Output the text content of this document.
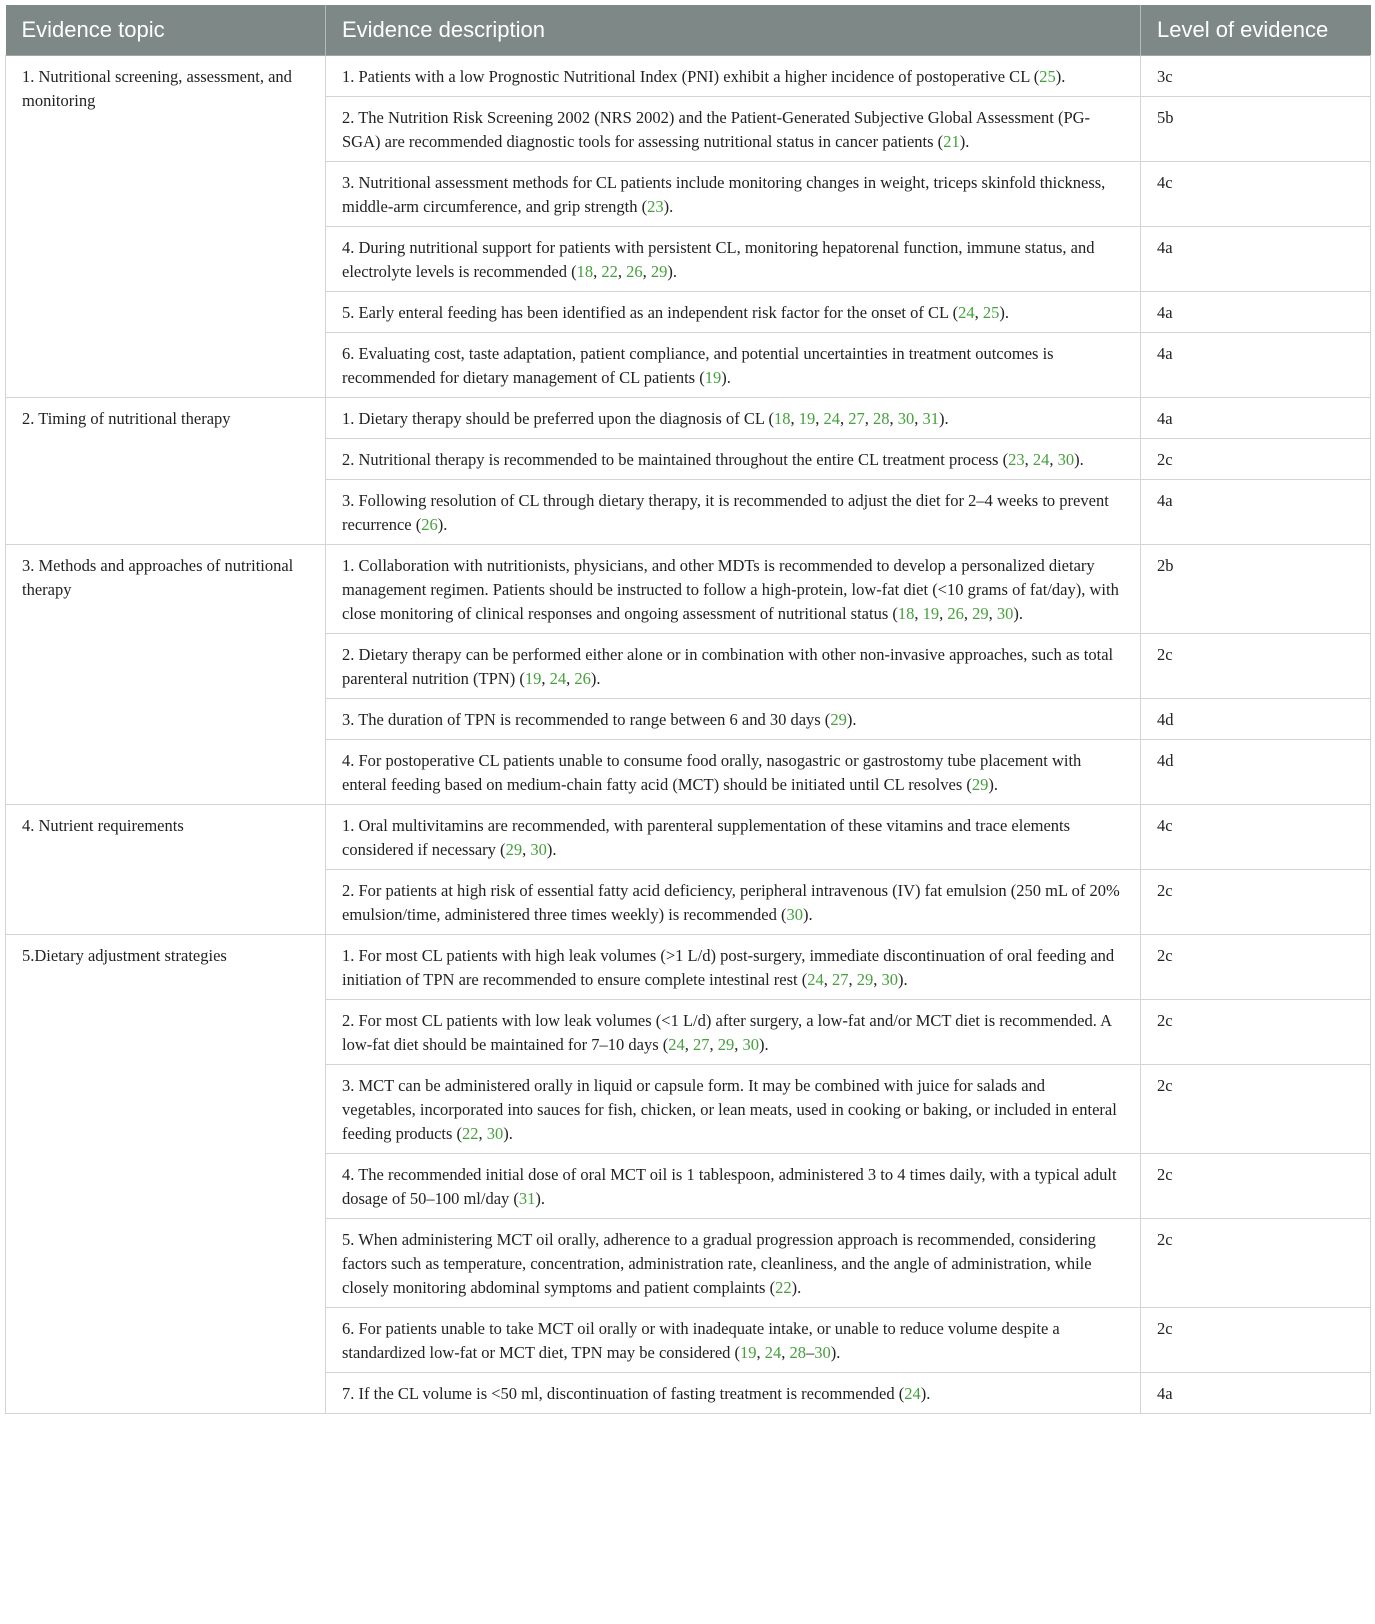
Evidence topic	Evidence description	Level of evidence
1. Nutritional screening, assessment, and monitoring	1. Patients with a low Prognostic Nutritional Index (PNI) exhibit a higher incidence of postoperative CL (25).	3c
	2. The Nutrition Risk Screening 2002 (NRS 2002) and the Patient-Generated Subjective Global Assessment (PG-SGA) are recommended diagnostic tools for assessing nutritional status in cancer patients (21).	5b
	3. Nutritional assessment methods for CL patients include monitoring changes in weight, triceps skinfold thickness, middle-arm circumference, and grip strength (23).	4c
	4. During nutritional support for patients with persistent CL, monitoring hepatorenal function, immune status, and electrolyte levels is recommended (18, 22, 26, 29).	4a
	5. Early enteral feeding has been identified as an independent risk factor for the onset of CL (24, 25).	4a
	6. Evaluating cost, taste adaptation, patient compliance, and potential uncertainties in treatment outcomes is recommended for dietary management of CL patients (19).	4a
2. Timing of nutritional therapy	1. Dietary therapy should be preferred upon the diagnosis of CL (18, 19, 24, 27, 28, 30, 31).	4a
	2. Nutritional therapy is recommended to be maintained throughout the entire CL treatment process (23, 24, 30).	2c
	3. Following resolution of CL through dietary therapy, it is recommended to adjust the diet for 2–4 weeks to prevent recurrence (26).	4a
3. Methods and approaches of nutritional therapy	1. Collaboration with nutritionists, physicians, and other MDTs is recommended to develop a personalized dietary management regimen. Patients should be instructed to follow a high-protein, low-fat diet (<10 grams of fat/day), with close monitoring of clinical responses and ongoing assessment of nutritional status (18, 19, 26, 29, 30).	2b
	2. Dietary therapy can be performed either alone or in combination with other non-invasive approaches, such as total parenteral nutrition (TPN) (19, 24, 26).	2c
	3. The duration of TPN is recommended to range between 6 and 30 days (29).	4d
	4. For postoperative CL patients unable to consume food orally, nasogastric or gastrostomy tube placement with enteral feeding based on medium-chain fatty acid (MCT) should be initiated until CL resolves (29).	4d
4. Nutrient requirements	1. Oral multivitamins are recommended, with parenteral supplementation of these vitamins and trace elements considered if necessary (29, 30).	4c
	2. For patients at high risk of essential fatty acid deficiency, peripheral intravenous (IV) fat emulsion (250 mL of 20% emulsion/time, administered three times weekly) is recommended (30).	2c
5.Dietary adjustment strategies	1. For most CL patients with high leak volumes (>1 L/d) post-surgery, immediate discontinuation of oral feeding and initiation of TPN are recommended to ensure complete intestinal rest (24, 27, 29, 30).	2c
	2. For most CL patients with low leak volumes (<1 L/d) after surgery, a low-fat and/or MCT diet is recommended. A low-fat diet should be maintained for 7–10 days (24, 27, 29, 30).	2c
	3. MCT can be administered orally in liquid or capsule form. It may be combined with juice for salads and vegetables, incorporated into sauces for fish, chicken, or lean meats, used in cooking or baking, or included in enteral feeding products (22, 30).	2c
	4. The recommended initial dose of oral MCT oil is 1 tablespoon, administered 3 to 4 times daily, with a typical adult dosage of 50–100 ml/day (31).	2c
	5. When administering MCT oil orally, adherence to a gradual progression approach is recommended, considering factors such as temperature, concentration, administration rate, cleanliness, and the angle of administration, while closely monitoring abdominal symptoms and patient complaints (22).	2c
	6. For patients unable to take MCT oil orally or with inadequate intake, or unable to reduce volume despite a standardized low-fat or MCT diet, TPN may be considered (19, 24, 28–30).	2c
	7. If the CL volume is <50 ml, discontinuation of fasting treatment is recommended (24).	4a
